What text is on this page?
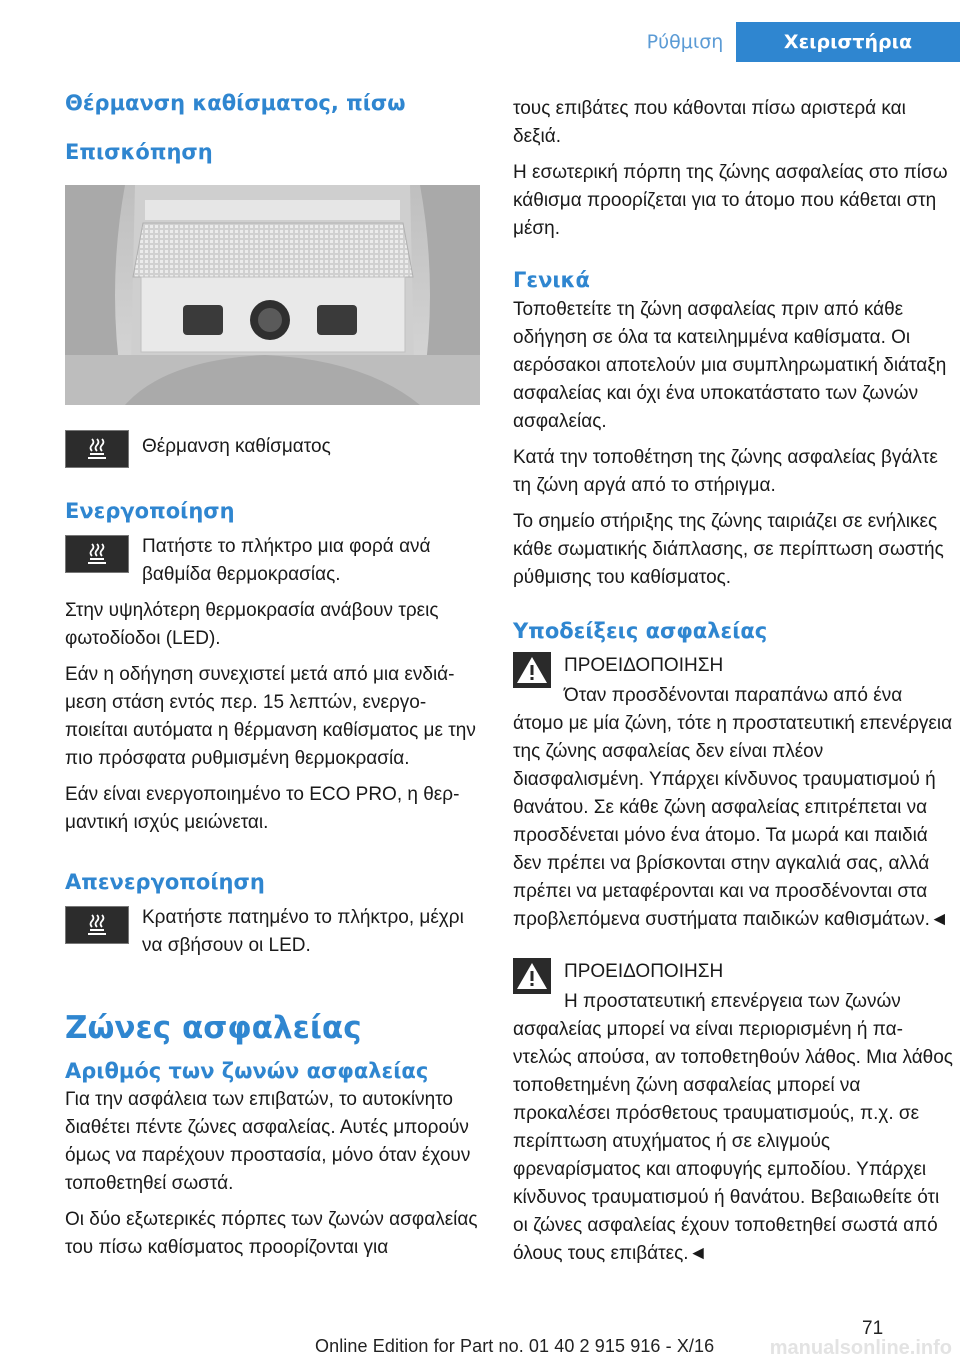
Ρύθμιση	Χειριστήρια
Θέρμανση καθίσματος, πίσω
Επισκόπηση

Θέρμανση καθίσματος

Ενεργοποίηση

Πατήστε το πλήκτρο μια φορά ανά βαθμίδα θερμοκρασίας.

Στην υψηλότερη θερμοκρασία ανάβουν τρεις φωτοδίοδοι (LED).

Εάν η οδήγηση συνεχιστεί μετά από μια ενδιάμεση στάση εντός περ. 15 λεπτών, ενεργοποιείται αυτόματα η θέρμανση καθίσματος με την πιο πρόσφατα ρυθμισμένη θερμοκρασία.

Εάν είναι ενεργοποιημένο το ECO PRO, η θερμαντική ισχύς μειώνεται.

Απενεργοποίηση

Κρατήστε πατημένο το πλήκτρο, μέχρι να σβήσουν οι LED.

Ζώνες ασφαλείας
Αριθμός των ζωνών ασφαλείας

Για την ασφάλεια των επιβατών, το αυτοκίνητο διαθέτει πέντε ζώνες ασφαλείας. Αυτές μπορούν όμως να παρέχουν προστασία, μόνο όταν έχουν τοποθετηθεί σωστά.

Οι δύο εξωτερικές πόρπες των ζωνών ασφαλείας του πίσω καθίσματος προορίζονται για

τους επιβάτες που κάθονται πίσω αριστερά και δεξιά.

Η εσωτερική πόρπη της ζώνης ασφαλείας στο πίσω κάθισμα προορίζεται για το άτομο που κάθεται στη μέση.

Γενικά

Τοποθετείτε τη ζώνη ασφαλείας πριν από κάθε οδήγηση σε όλα τα κατειλημμένα καθίσματα. Οι αερόσακοι αποτελούν μια συμπληρωματική διάταξη ασφαλείας και όχι ένα υποκατάστατο των ζωνών ασφαλείας.

Κατά την τοποθέτηση της ζώνης ασφαλείας βγάλτε τη ζώνη αργά από το στήριγμα.

Το σημείο στήριξης της ζώνης ταιριάζει σε ενήλικες κάθε σωματικής διάπλασης, σε περίπτωση σωστής ρύθμισης του καθίσματος.

Υποδείξεις ασφαλείας

ΠΡΟΕΙΔΟΠΟΙΗΣΗ

Όταν προσδένονται παραπάνω από ένα άτομο με μία ζώνη, τότε η προστατευτική επενέργεια της ζώνης ασφαλείας δεν είναι πλέον διασφαλισμένη. Υπάρχει κίνδυνος τραυματισμού ή θανάτου. Σε κάθε ζώνη ασφαλείας επιτρέπεται να προσδένεται μόνο ένα άτομο. Τα μωρά και παιδιά δεν πρέπει να βρίσκονται στην αγκαλιά σας, αλλά πρέπει να μεταφέρονται και να προσδένονται στα προβλεπόμενα συστήματα παιδικών καθισμάτων.◄

ΠΡΟΕΙΔΟΠΟΙΗΣΗ

Η προστατευτική επενέργεια των ζωνών ασφαλείας μπορεί να είναι περιορισμένη ή παντελώς απούσα, αν τοποθετηθούν λάθος. Μια λάθος τοποθετημένη ζώνη ασφαλείας μπορεί να προκαλέσει πρόσθετους τραυματισμούς, π.χ. σε περίπτωση ατυχήματος ή σε ελιγμούς φρεναρίσματος και αποφυγής εμποδίου. Υπάρχει κίνδυνος τραυματισμού ή θανάτου. Βεβαιωθείτε ότι οι ζώνες ασφαλείας έχουν τοποθετηθεί σωστά από όλους τους επιβάτες.◄

71
Online Edition for Part no. 01 40 2 915 916 - X/16	manualsonline.info
